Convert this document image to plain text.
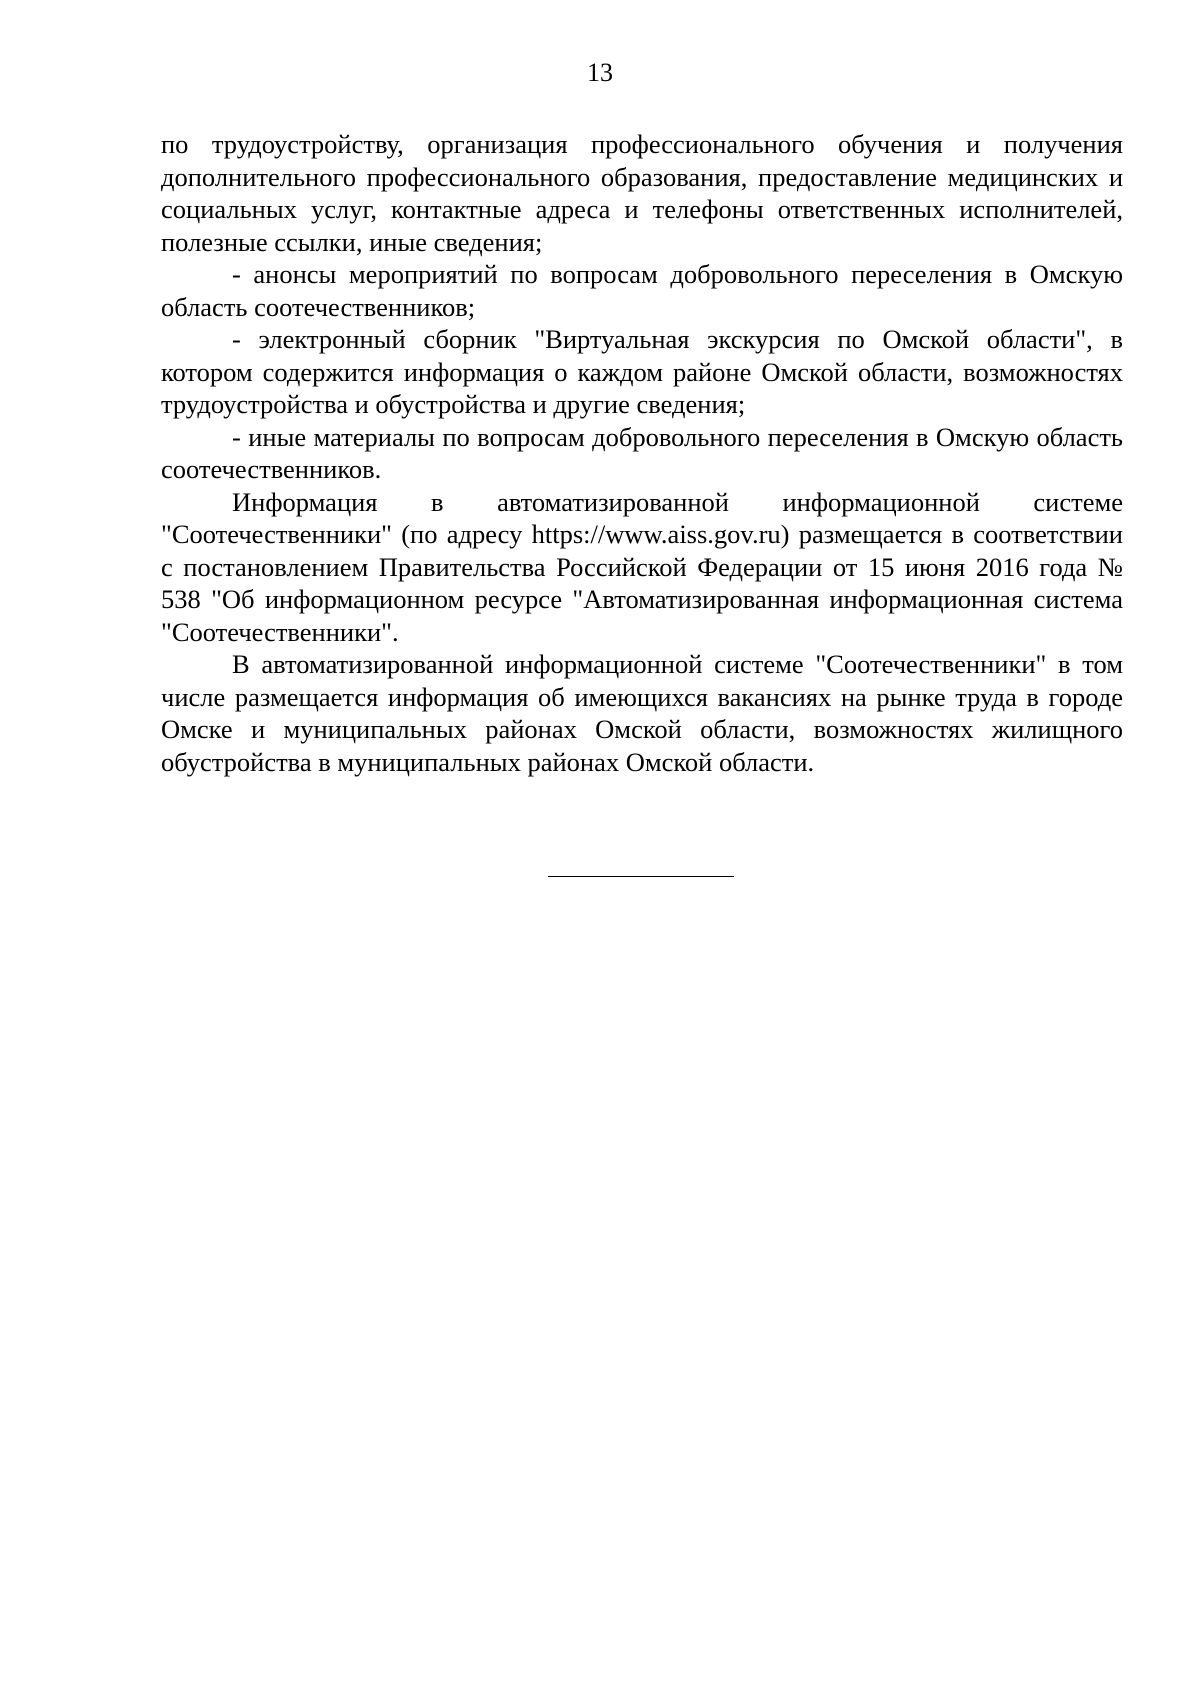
13

по трудоустройству, организация профессионального обучения и получения дополнительного профессионального образования, предоставление медицинских и социальных услуг, контактные адреса и телефоны ответственных исполнителей, полезные ссылки, иные сведения;

- анонсы мероприятий по вопросам добровольного переселения в Омскую область соотечественников;

- электронный сборник "Виртуальная экскурсия по Омской области", в котором содержится информация о каждом районе Омской области, возможностях трудоустройства и обустройства и другие сведения;

- иные материалы по вопросам добровольного переселения в Омскую область соотечественников.

Информация в автоматизированной информационной системе "Соотечественники" (по адресу https://www.aiss.gov.ru) размещается в соответствии с постановлением Правительства Российской Федерации от 15 июня 2016 года № 538 "Об информационном ресурсе "Автоматизированная информационная система "Соотечественники".

В автоматизированной информационной системе "Соотечественники" в том числе размещается информация об имеющихся вакансиях на рынке труда в городе Омске и муниципальных районах Омской области, возможностях жилищного обустройства в муниципальных районах Омской области.
